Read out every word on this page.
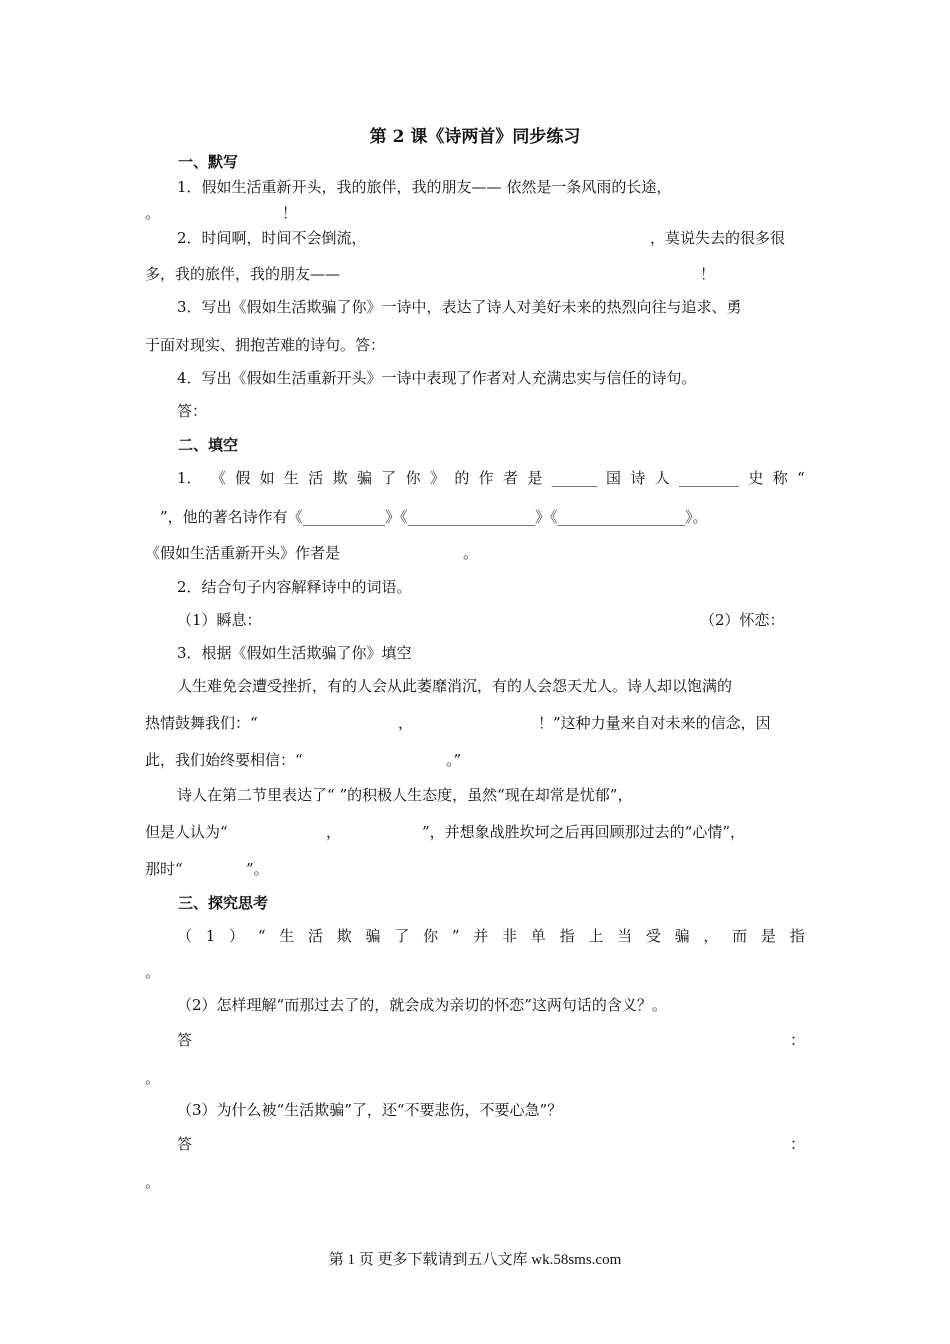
第 2 课《诗两首》同步练习
一、默写
1．假如生活重新开头，我的旅伴，我的朋友—— 依然是一条风雨的长途，
。	！
2．时间啊，时间不会倒流，	，莫说失去的很多很
多，我的旅伴，我的朋友——	！
3．写出《假如生活欺骗了你》一诗中，表达了诗人对美好未来的热烈向往与追求、勇
于面对现实、拥抱苦难的诗句。答：
4．写出《假如生活重新开头》一诗中表现了作者对人充满忠实与信任的诗句。
答：
二、填空
1． 《 假 如 生 活 欺 骗 了 你 》 的 作 者 是 ______ 国 诗 人 ________ 史 称 “
”，他的著名诗作有《___________》《_________________》《_________________》。
《假如生活重新开头》作者是	。
2．结合句子内容解释诗中的词语。
（1）瞬息：	（2）怀恋：
3．根据《假如生活欺骗了你》填空
人生难免会遭受挫折，有的人会从此萎靡消沉，有的人会怨天尤人。诗人却以饱满的
热情鼓舞我们：“	，	！”这种力量来自对未来的信念，因
此，我们始终要相信：“	。”
诗人在第二节里表达了“ ”的积极人生态度，虽然“现在却常是忧郁”，
但是人认为“	，	”，并想象战胜坎坷之后再回顾那过去的“心情”，
那时“	”。
三、探究思考
（ 1 ） “ 生 活 欺 骗 了 你 ” 并 非 单 指 上 当 受 骗 ， 而 是 指
。
（2）怎样理解“而那过去了的，就会成为亲切的怀恋”这两句话的含义？。
答	：
。
（3）为什么被“生活欺骗”了，还“不要悲伤，不要心急”？
答	：
。
第 1 页 更多下载请到五八文库 wk.58sms.com
